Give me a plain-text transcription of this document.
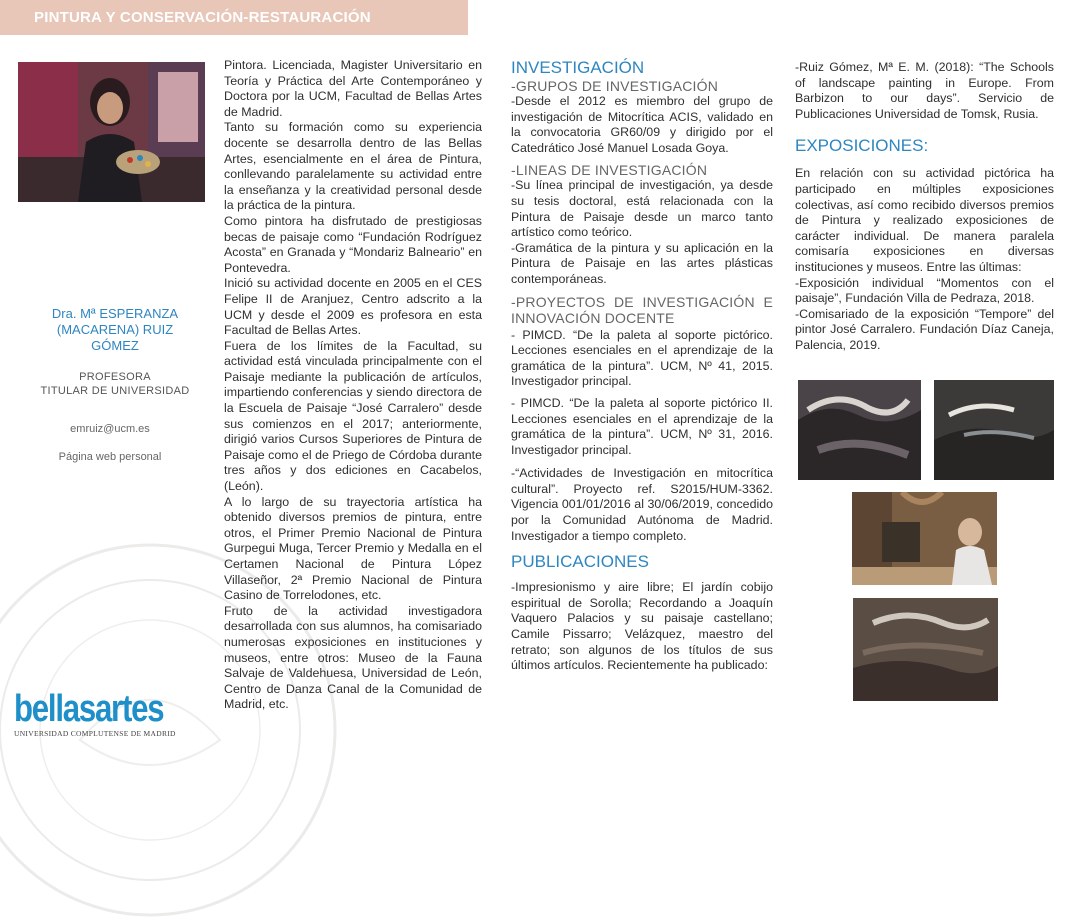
PINTURA Y CONSERVACIÓN-RESTAURACIÓN
Dra. Mª ESPERANZA
(MACARENA) RUIZ
GÓMEZ
PROFESORA
TITULAR DE UNIVERSIDAD
emruiz@ucm.es
Página web personal
bellasartes
UNIVERSIDAD COMPLUTENSE DE MADRID

Pintora. Licenciada, Magister Universitario en Teoría y Práctica del Arte Contemporáneo y Doctora por la UCM, Facultad de Bellas Artes de Madrid.

Tanto su formación como su experiencia docente se desarrolla dentro de las Bellas Artes, esencialmente en el área de Pintura, conllevando paralelamente su actividad entre la enseñanza y la creatividad personal desde la práctica de la pintura.

Como pintora ha disfrutado de prestigiosas becas de paisaje como “Fundación Rodríguez Acosta” en Granada y “Mondariz Balneario” en Pontevedra.

Inició su actividad docente en 2005 en el CES Felipe II de Aranjuez, Centro adscrito a la UCM y desde el 2009 es profesora en esta Facultad de Bellas Artes.

Fuera de los límites de la Facultad, su actividad está vinculada principalmente con el Paisaje mediante la publicación de artículos, impartiendo conferencias y siendo directora de la Escuela de Paisaje “José Carralero” desde sus comienzos en el 2017; anteriormente, dirigió varios Cursos Superiores de Pintura de Paisaje como el de Priego de Córdoba durante tres años y dos ediciones en Cacabelos, (León).

A lo largo de su trayectoria artística ha obtenido diversos premios de pintura, entre otros, el Primer Premio Nacional de Pintura Gurpegui Muga, Tercer Premio y Medalla en el Certamen Nacional de Pintura López Villaseñor, 2ª Premio Nacional de Pintura Casino de Torrelodones, etc.

Fruto de la actividad investigadora desarrollada con sus alumnos, ha comisariado numerosas exposiciones en instituciones y museos, entre otros: Museo de la Fauna Salvaje de Valdehuesa, Universidad de León, Centro de Danza Canal de la Comunidad de Madrid, etc.

INVESTIGACIÓN

-GRUPOS DE INVESTIGACIÓN

-Desde el 2012 es miembro del grupo de investigación de Mitocrítica ACIS, validado en la convocatoria GR60/09 y dirigido por el Catedrático José Manuel Losada Goya.

-LINEAS DE INVESTIGACIÓN

-Su línea principal de investigación, ya desde su tesis doctoral, está relacionada con la Pintura de Paisaje desde un marco tanto artístico como teórico.

-Gramática de la pintura y su aplicación en la Pintura de Paisaje en las artes plásticas contemporáneas.

-PROYECTOS DE INVESTIGACIÓN E INNOVACIÓN DOCENTE

- PIMCD. “De la paleta al soporte pictórico. Lecciones esenciales en el aprendizaje de la gramática de la pintura”. UCM, Nº 41, 2015. Investigador principal.

- PIMCD. “De la paleta al soporte pictórico II. Lecciones esenciales en el aprendizaje de la gramática de la pintura”. UCM, Nº 31, 2016. Investigador principal.

-“Actividades de Investigación en mitocrítica cultural”. Proyecto ref. S2015/HUM-3362. Vigencia 001/01/2016 al 30/06/2019, concedido por la Comunidad Autónoma de Madrid. Investigador a tiempo completo.

PUBLICACIONES

-Impresionismo y aire libre; El jardín cobijo espiritual de Sorolla; Recordando a Joaquín Vaquero Palacios y su paisaje castellano; Camile Pissarro; Velázquez, maestro del retrato; son algunos de los títulos de sus últimos artículos. Recientemente ha publicado:

-Ruiz Gómez, Mª E. M. (2018): “The Schools of landscape painting in Europe. From Barbizon to our days”. Servicio de Publicaciones Universidad de Tomsk, Rusia.

EXPOSICIONES:

En relación con su actividad pictórica ha participado en múltiples exposiciones colectivas, así como recibido diversos premios de Pintura y realizado exposiciones de carácter individual. De manera paralela comisaría exposiciones en diversas instituciones y museos. Entre las últimas:

-Exposición individual “Momentos con el paisaje”, Fundación Villa de Pedraza, 2018.

-Comisariado de la exposición “Tempore” del pintor José Carralero. Fundación Díaz Caneja, Palencia, 2019.
